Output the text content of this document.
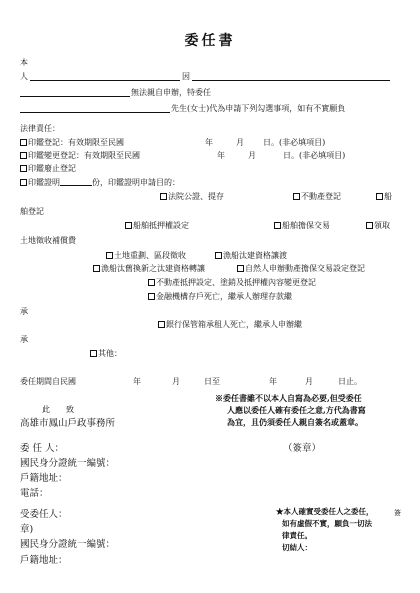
委任書
本
人	因
無法親自申辦，特委任
先生(女士)代為申請下列勾選事項，如有不實願負
法律責任：
印鑑登記：有效期限至民國	年	月 日。(非必填項目)
印鑑變更登記：有效期限至民國	年	月	日。(非必填項目)
印鑑廢止登記
印鑑證明	份，印鑑證明申請目的：
法院公證、提存	不動產登記	船
舶登記
船舶抵押權設定	船舶擔保交易	領取
土地徵收補償費
土地重劃、區段徵收	漁船汰建資格讓渡
漁船汰舊換新之汰建資格轉讓	自然人申辦動產擔保交易設定登記
不動產抵押設定、塗銷及抵押權內容變更登記
金融機構存戶死亡，繼承人辦理存款繼
承
銀行保管箱承租人死亡，繼承人申辦繼
承
其他：
委任期間自民國	年	月	日至	年	月	日止。
※委任書雖不以本人自寫為必要,但受委任
人應以委任人確有委任之意,方代為書寫
為宜，且仍須委任人親自簽名或蓋章。
此 致
高雄市鳳山戶政事務所
委 任 人：	（簽章）
國民身分證統一編號：
戶籍地址：
電話：
受委任人：
章)
國民身分證統一編號：
戶籍地址：
簽
★本人確實受委任人之委任，
如有虛假不實，願負一切法
律責任。
切結人：
